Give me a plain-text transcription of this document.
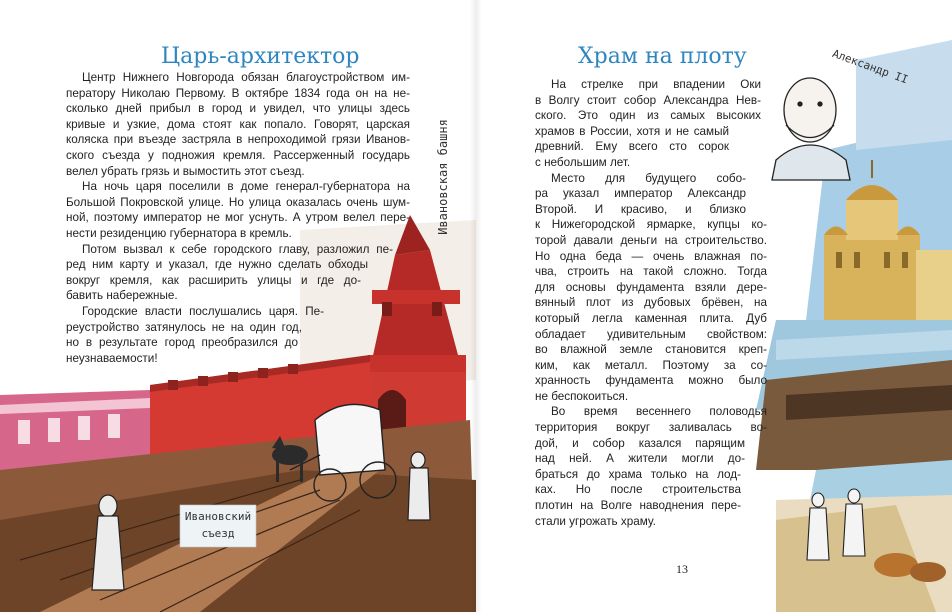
Царь-архитектор
Центр Нижнего Новгорода обязан благоустройством им-
ператору Николаю Первому. В октябре 1834 года он на не-
сколько дней прибыл в город и увидел, что улицы здесь
кривые и узкие, дома стоят как попало. Говорят, царская
коляска при въезде застряла в непроходимой грязи Иванов-
ского съезда у подножия кремля. Рассерженный государь
велел убрать грязь и вымостить этот съезд.
На ночь царя поселили в доме генерал-губернатора на
Большой Покровской улице. Но улица оказалась очень шум-
ной, поэтому император не мог уснуть. А утром велел пере-
нести резиденцию губернатора в кремль.
Потом вызвал к себе городского главу, разложил пе-
ред ним карту и указал, где нужно сделать обходы
вокруг кремля, как расширить улицы и где до-
бавить набережные.
Городские власти послушались царя. Пе-
реустройство затянулось не на один год,
но в результате город преобразился до
неузнаваемости!
Ивановская башня
Ивановский
съезд
Храм на плоту	Александр II
На стрелке при впадении Оки
в Волгу стоит собор Александра Нев-
ского. Это один из самых высоких
храмов в России, хотя и не самый
древний. Ему всего сто сорок
с небольшим лет.
Место для будущего собо-
ра указал император Александр
Второй. И красиво, и близко
к Нижегородской ярмарке, купцы ко-
торой давали деньги на строительство.
Но одна беда — очень влажная по-
чва, строить на такой сложно. Тогда
для основы фундамента взяли дере-
вянный плот из дубовых брёвен, на
который легла каменная плита. Дуб
обладает удивительным свойством:
во влажной земле становится креп-
ким, как металл. Поэтому за со-
хранность фундамента можно было
не беспокоиться.
Во время весеннего половодья
территория вокруг заливалась во-
дой, и собор казался парящим
над ней. А жители могли до-
браться до храма только на лод-
ках. Но после строительства
плотин на Волге наводнения пере-
стали угрожать храму.
13
